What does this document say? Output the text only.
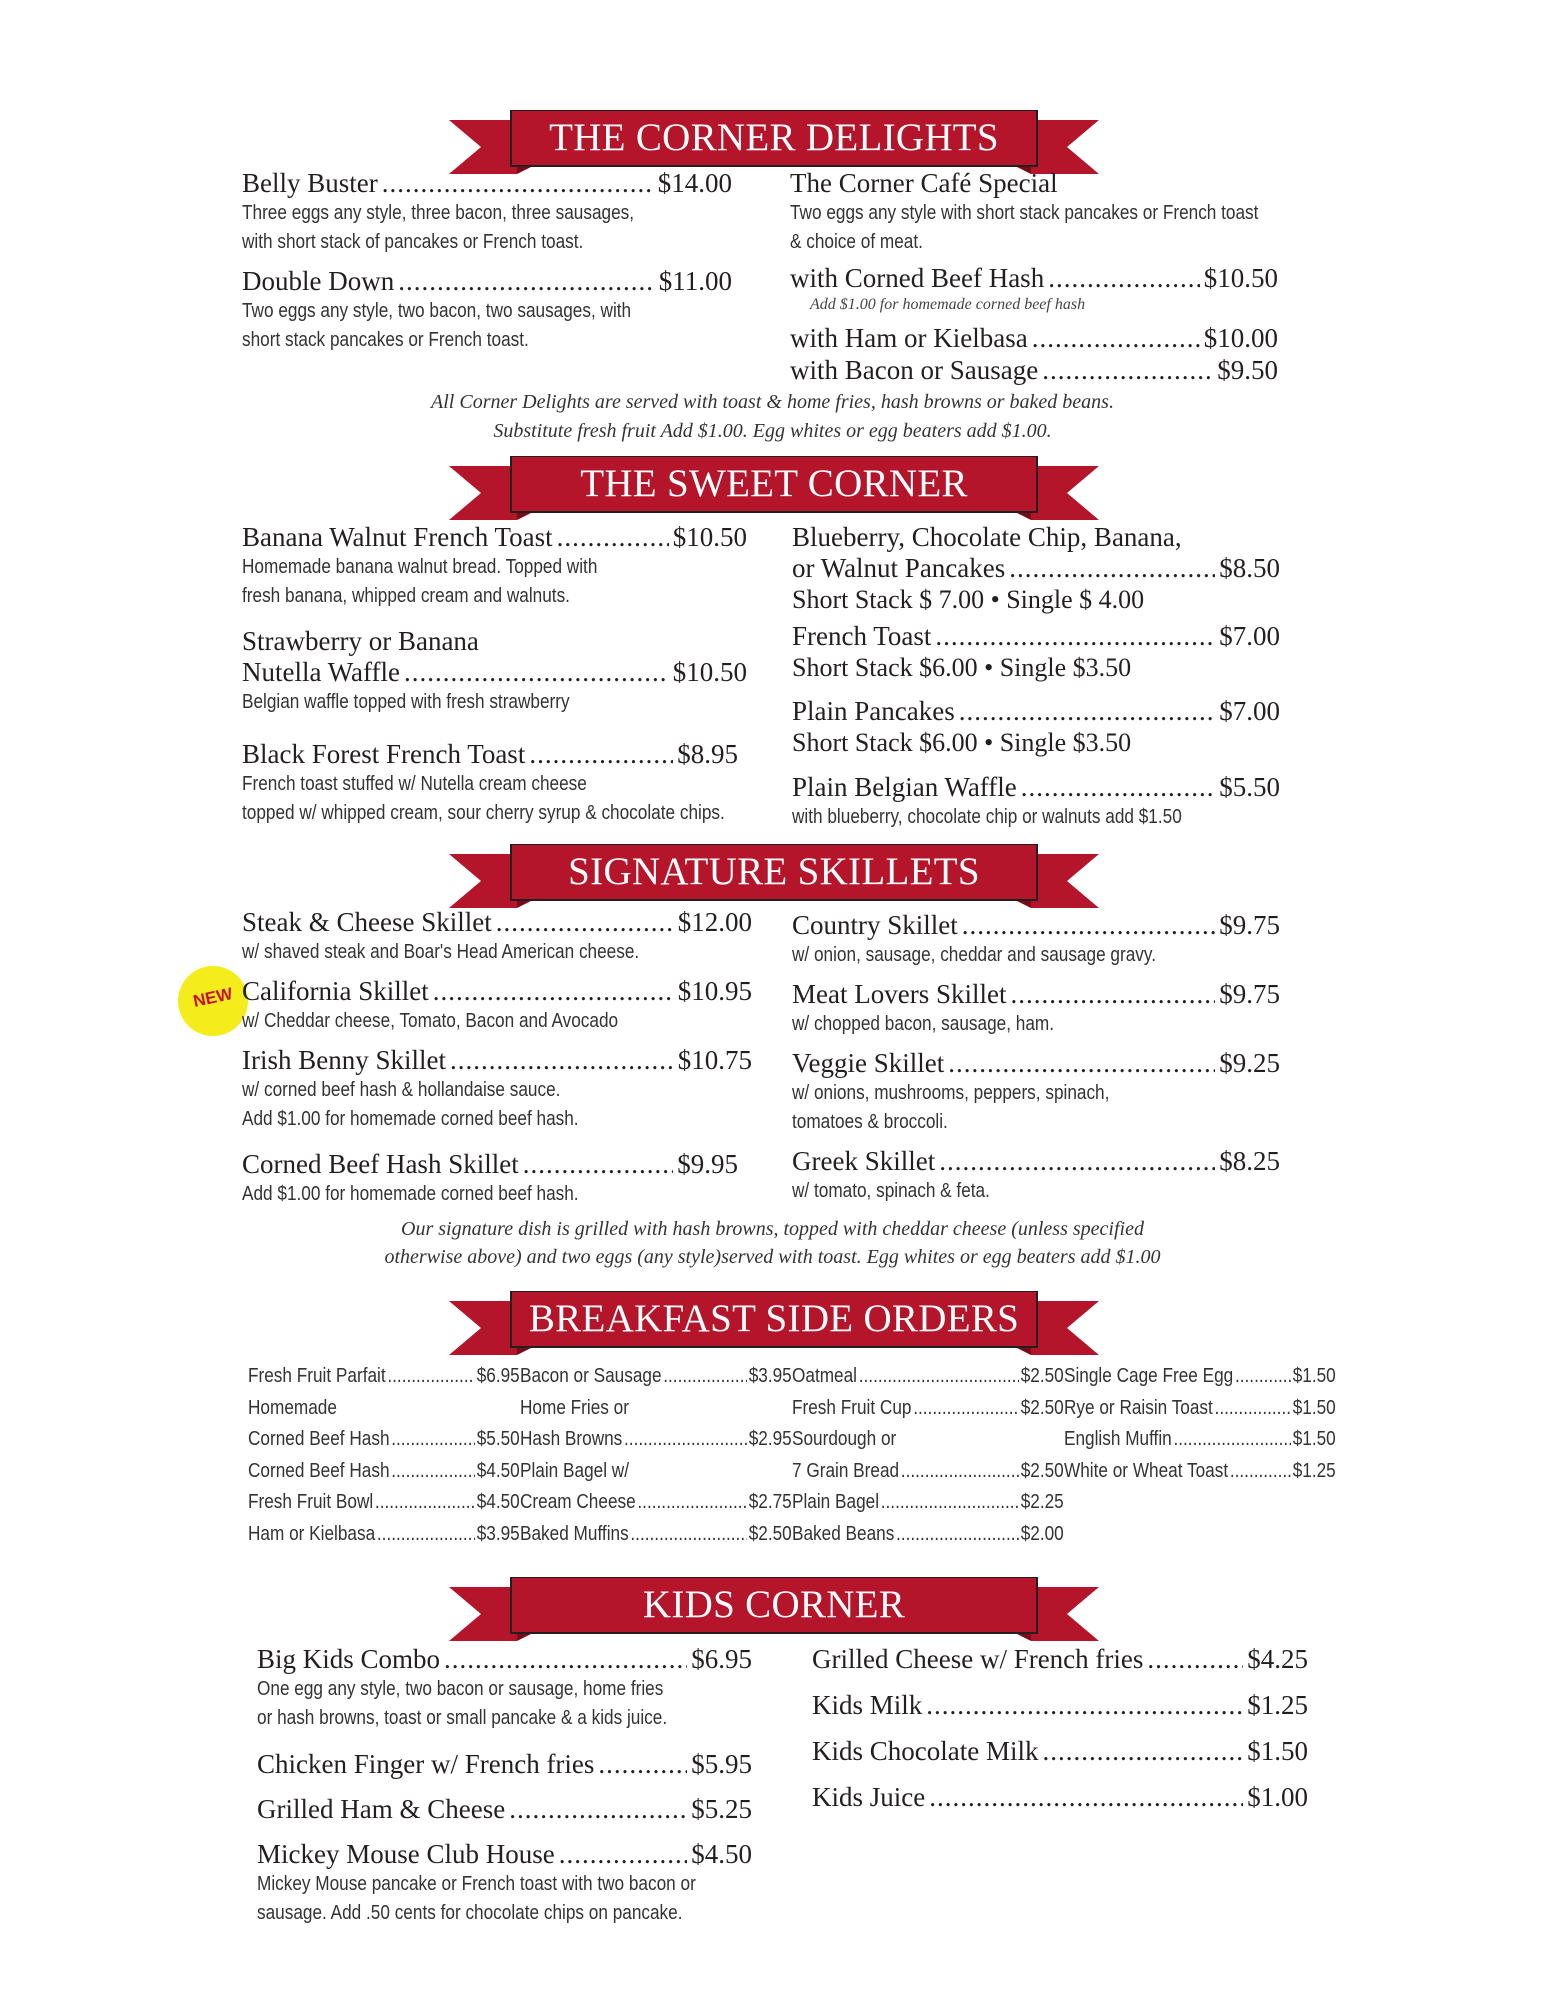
THE CORNER DELIGHTS
THE SWEET CORNER
SIGNATURE SKILLETS
BREAKFAST SIDE ORDERS
KIDS CORNER
Belly Buster .....	$14.00
Three eggs any style, three bacon, three sausages,
with short stack of pancakes or French toast.
Double Down .....	$11.00
Two eggs any style, two bacon, two sausages, with
short stack pancakes or French toast.
The Corner Café Special
Two eggs any style with short stack pancakes or French toast
& choice of meat.
with Corned Beef Hash .....	$10.50
Add $1.00 for homemade corned beef hash
with Ham or Kielbasa .....	$10.00
with Bacon or Sausage .....	$9.50
All Corner Delights are served with toast & home fries, hash browns or baked beans.
Substitute fresh fruit Add $1.00. Egg whites or egg beaters add $1.00.
Banana Walnut French Toast .....	$10.50
Homemade banana walnut bread. Topped with
fresh banana, whipped cream and walnuts.
Strawberry or Banana
Nutella Waffle .....	$10.50
Belgian waffle topped with fresh strawberry
Black Forest French Toast .....	$8.95
French toast stuffed w/ Nutella cream cheese
topped w/ whipped cream, sour cherry syrup & chocolate chips.
Blueberry, Chocolate Chip, Banana,
or Walnut Pancakes .....	$8.50
Short Stack $ 7.00 • Single $ 4.00
French Toast .....	$7.00
Short Stack $6.00 • Single $3.50
Plain Pancakes .....	$7.00
Short Stack $6.00 • Single $3.50
Plain Belgian Waffle .....	$5.50
with blueberry, chocolate chip or walnuts add $1.50
NEW
Steak & Cheese Skillet .....	$12.00
w/ shaved steak and Boar's Head American cheese.
California Skillet .....	$10.95
w/ Cheddar cheese, Tomato, Bacon and Avocado
Irish Benny Skillet .....	$10.75
w/ corned beef hash & hollandaise sauce.
Add $1.00 for homemade corned beef hash.
Corned Beef Hash Skillet .....	$9.95
Add $1.00 for homemade corned beef hash.
Country Skillet .....	$9.75
w/ onion, sausage, cheddar and sausage gravy.
Meat Lovers Skillet .....	$9.75
w/ chopped bacon, sausage, ham.
Veggie Skillet .....	$9.25
w/ onions, mushrooms, peppers, spinach,
tomatoes & broccoli.
Greek Skillet .....	$8.25
w/ tomato, spinach & feta.
Our signature dish is grilled with hash browns, topped with cheddar cheese (unless specified
otherwise above) and two eggs (any style)served with toast. Egg whites or egg beaters add $1.00
Fresh Fruit Parfait .....	$6.95
Homemade
Corned Beef Hash .....	$5.50
Corned Beef Hash .....	$4.50
Fresh Fruit Bowl .....	$4.50
Ham or Kielbasa .....	$3.95
Bacon or Sausage .....	$3.95
Home Fries or
Hash Browns .....	$2.95
Plain Bagel w/
Cream Cheese .....	$2.75
Baked Muffins .....	$2.50
Oatmeal .....	$2.50
Fresh Fruit Cup .....	$2.50
Sourdough or
7 Grain Bread .....	$2.50
Plain Bagel .....	$2.25
Baked Beans .....	$2.00
Single Cage Free Egg .....	$1.50
Rye or Raisin Toast .....	$1.50
English Muffin .....	$1.50
White or Wheat Toast .....	$1.25
Big Kids Combo .....	$6.95
One egg any style, two bacon or sausage, home fries
or hash browns, toast or small pancake & a kids juice.
Chicken Finger w/ French fries .....	$5.95
Grilled Ham & Cheese .....	$5.25
Mickey Mouse Club House .....	$4.50
Mickey Mouse pancake or French toast with two bacon or
sausage. Add .50 cents for chocolate chips on pancake.
Grilled Cheese w/ French fries .....	$4.25
Kids Milk .....	$1.25
Kids Chocolate Milk .....	$1.50
Kids Juice .....	$1.00
